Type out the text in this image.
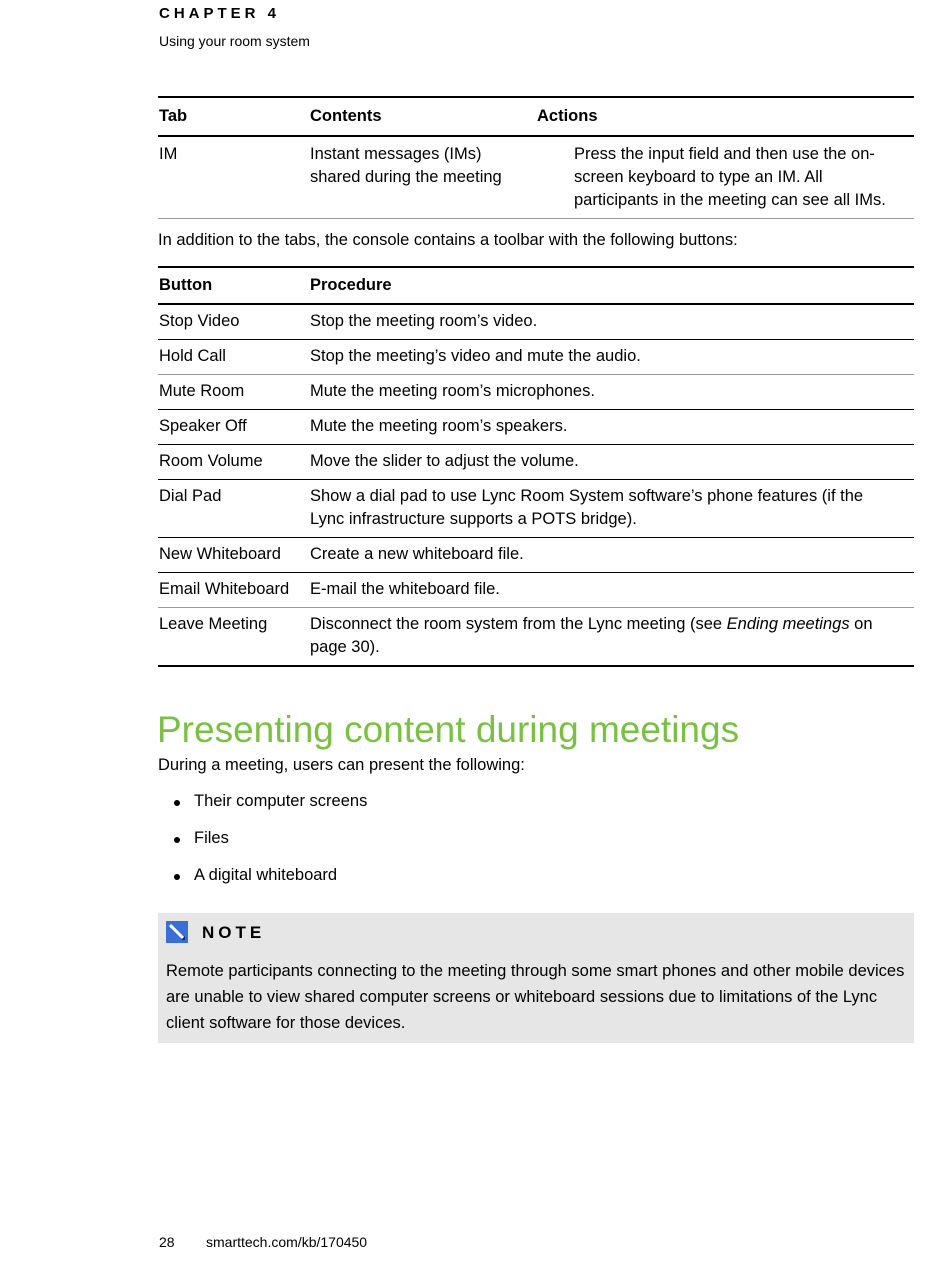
CHAPTER 4
Using your room system
Tab	Contents	Actions
IM	Instant messages (IMs) shared during the meeting	Press the input field and then use the on-screen keyboard to type an IM. All participants in the meeting can see all IMs.
In addition to the tabs, the console contains a toolbar with the following buttons:
Button	Procedure
Stop Video	Stop the meeting room’s video.
Hold Call	Stop the meeting’s video and mute the audio.
Mute Room	Mute the meeting room’s microphones.
Speaker Off	Mute the meeting room’s speakers.
Room Volume	Move the slider to adjust the volume.
Dial Pad	Show a dial pad to use Lync Room System software’s phone features (if the Lync infrastructure supports a POTS bridge).
New Whiteboard	Create a new whiteboard file.
Email Whiteboard	E-mail the whiteboard file.
Leave Meeting	Disconnect the room system from the Lync meeting (see Ending meetings on page 30).
Presenting content during meetings
During a meeting, users can present the following:
Their computer screens
Files
A digital whiteboard
NOTE

Remote participants connecting to the meeting through some smart phones and other mobile devices are unable to view shared computer screens or whiteboard sessions due to limitations of the Lync client software for those devices.

28 smarttech.com/kb/170450
